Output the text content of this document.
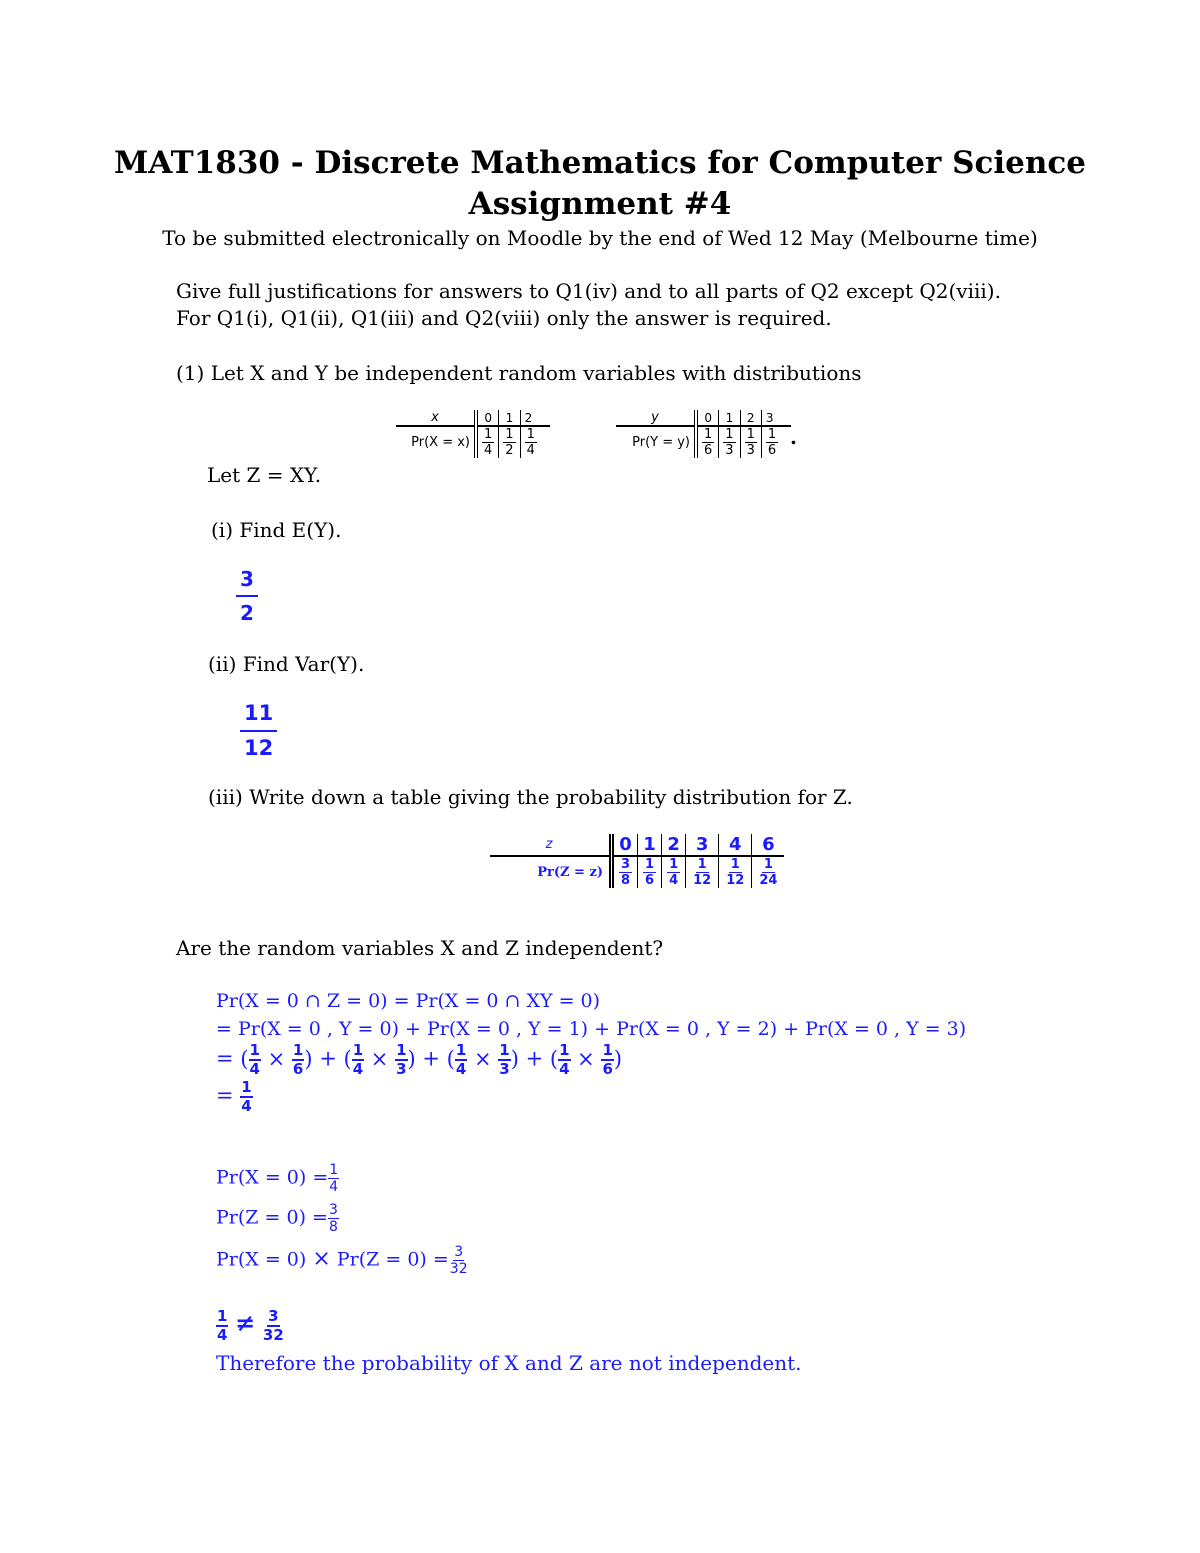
MAT1830 - Discrete Mathematics for Computer Science
Assignment #4
To be submitted electronically on Moodle by the end of Wed 12 May (Melbourne time)
Give full justifications for answers to Q1(iv) and to all parts of Q2 except Q2(viii).
For Q1(i), Q1(ii), Q1(iii) and Q2(viii) only the answer is required.
(1) Let X and Y be independent random variables with distributions
x	0	1	2
Pr(X = x)	$\frac{1}{4}$	$\frac{1}{2}$	$\frac{1}{4}$
y	0	1	2	3
Pr(Y = y)	$\frac{1}{6}$	$\frac{1}{3}$	$\frac{1}{3}$	$\frac{1}{6}$ .
Let Z = XY.
(i) Find E(Y).
$\frac{3}{2}$
(ii) Find Var(Y).
$\frac{11}{12}$
(iii) Write down a table giving the probability distribution for Z.
z	0	1	2	3	4	6
Pr(Z = z)	$\frac{3}{8}$	$\frac{1}{6}$	$\frac{1}{4}$	$\frac{1}{12}$	$\frac{1}{12}$	$\frac{1}{24}$
Are the random variables X and Z independent?
Pr(X = 0 ∩ Z = 0) = Pr(X = 0 ∩ XY = 0)
= Pr(X = 0 , Y = 0) + Pr(X = 0 , Y = 1) + Pr(X = 0 , Y = 2) + Pr(X = 0 , Y = 3)
= ( $\frac{1}{4} \times \frac{1}{6}$ ) + ( $\frac{1}{4} \times \frac{1}{3}$ ) + ( $\frac{1}{4} \times \frac{1}{3}$ ) + ( $\frac{1}{4} \times \frac{1}{6}$ )
= $\frac{1}{4}$
$Pr(X = 0) = \frac{1}{4}$
$Pr(Z = 0) = \frac{3}{8}$
$Pr(X = 0) \times Pr(Z = 0) = \frac{3}{32}$
$\frac{1}{4} \ne \frac{3}{32}$
Therefore the probability of X and Z are not independent.
